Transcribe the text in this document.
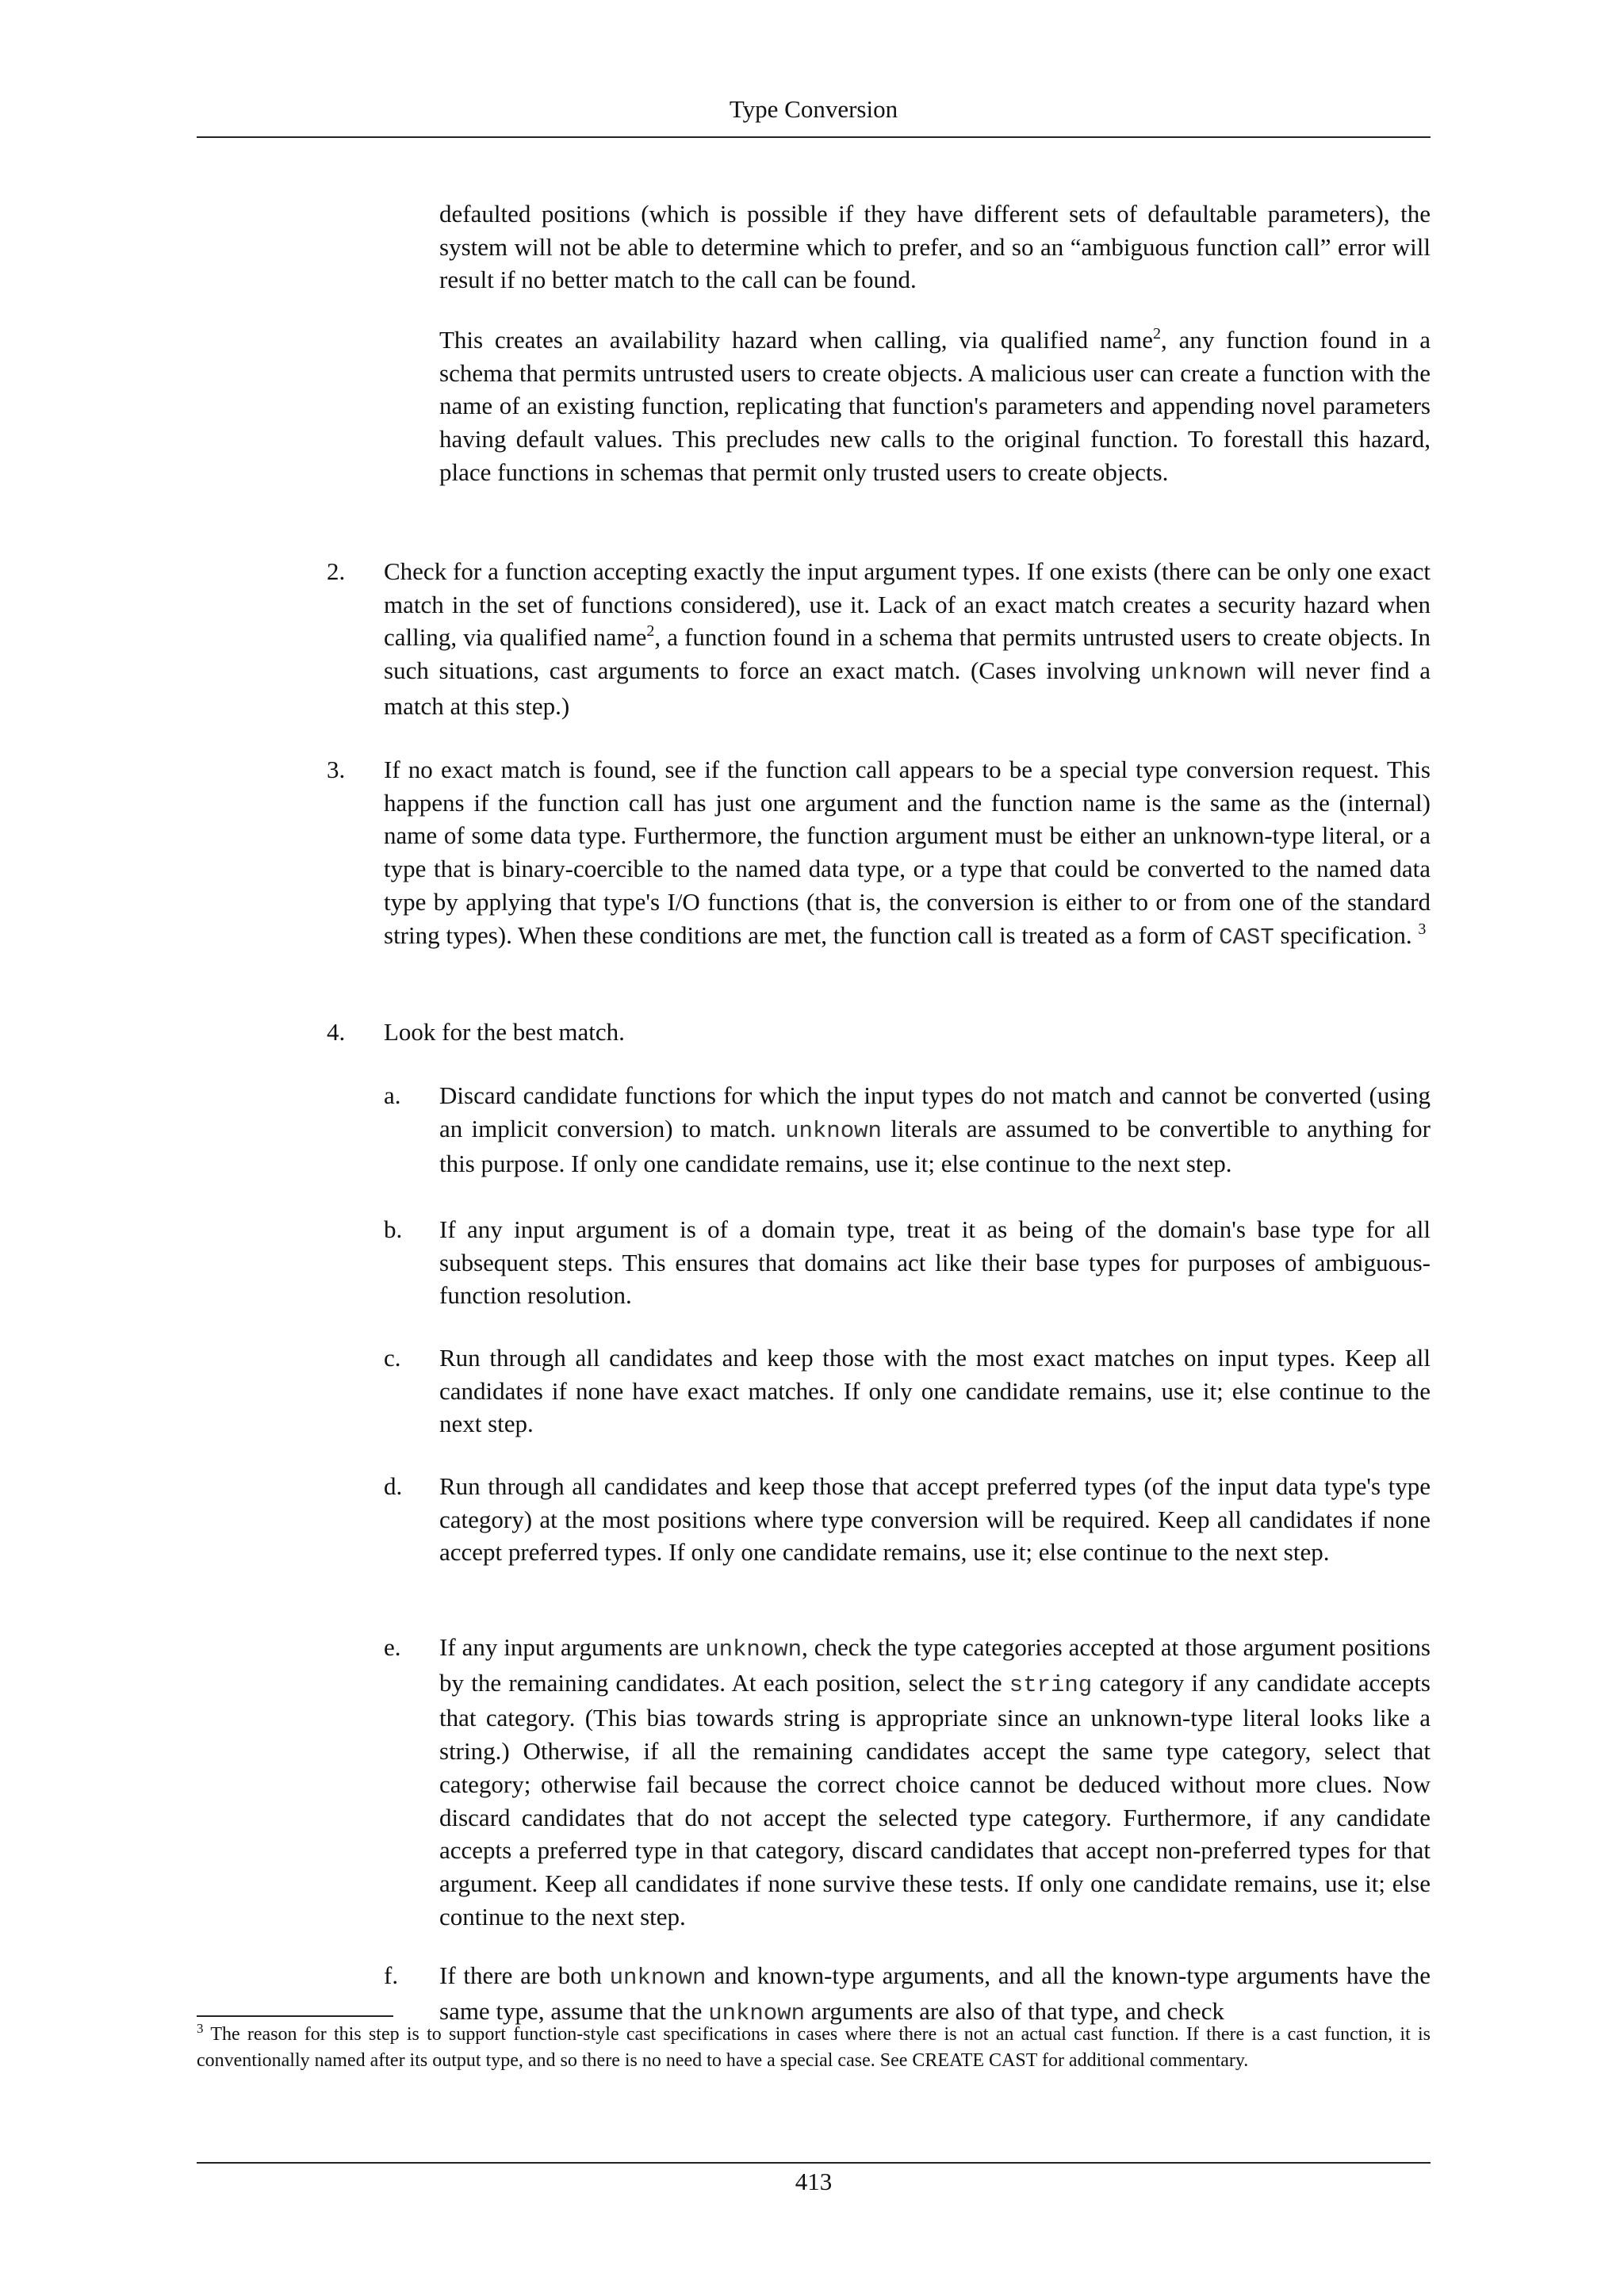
Type Conversion

defaulted positions (which is possible if they have different sets of defaultable parameters), the system will not be able to determine which to prefer, and so an “ambiguous function call” error will result if no better match to the call can be found.

This creates an availability hazard when calling, via qualified name$^2$, any function found in a schema that permits untrusted users to create objects. A malicious user can create a function with the name of an existing function, replicating that function's parameters and appending novel parameters having default values. This precludes new calls to the original function. To forestall this hazard, place functions in schemas that permit only trusted users to create objects.

2.	Check for a function accepting exactly the input argument types. If one exists (there can be only one exact match in the set of functions considered), use it. Lack of an exact match creates a security hazard when calling, via qualified name$^2$, a function found in a schema that permits untrusted users to create objects. In such situations, cast arguments to force an exact match. (Cases involving unknown will never find a match at this step.)

3.	If no exact match is found, see if the function call appears to be a special type conversion request. This happens if the function call has just one argument and the function name is the same as the (internal) name of some data type. Furthermore, the function argument must be either an unknown-type literal, or a type that is binary-coercible to the named data type, or a type that could be converted to the named data type by applying that type's I/O functions (that is, the conversion is either to or from one of the standard string types). When these conditions are met, the function call is treated as a form of CAST specification. $^3$

4.	Look for the best match.

a.	Discard candidate functions for which the input types do not match and cannot be converted (using an implicit conversion) to match. unknown literals are assumed to be convertible to anything for this purpose. If only one candidate remains, use it; else continue to the next step.

b.	If any input argument is of a domain type, treat it as being of the domain's base type for all subsequent steps. This ensures that domains act like their base types for purposes of ambiguous-function resolution.

c.	Run through all candidates and keep those with the most exact matches on input types. Keep all candidates if none have exact matches. If only one candidate remains, use it; else continue to the next step.

d.	Run through all candidates and keep those that accept preferred types (of the input data type's type category) at the most positions where type conversion will be required. Keep all candidates if none accept preferred types. If only one candidate remains, use it; else continue to the next step.

e.	If any input arguments are unknown, check the type categories accepted at those argument positions by the remaining candidates. At each position, select the string category if any candidate accepts that category. (This bias towards string is appropriate since an unknown-type literal looks like a string.) Otherwise, if all the remaining candidates accept the same type category, select that category; otherwise fail because the correct choice cannot be deduced without more clues. Now discard candidates that do not accept the selected type category. Furthermore, if any candidate accepts a preferred type in that category, discard candidates that accept non-preferred types for that argument. Keep all candidates if none survive these tests. If only one candidate remains, use it; else continue to the next step.

f.	If there are both unknown and known-type arguments, and all the known-type arguments have the same type, assume that the unknown arguments are also of that type, and check

$^3$ The reason for this step is to support function-style cast specifications in cases where there is not an actual cast function. If there is a cast function, it is conventionally named after its output type, and so there is no need to have a special case. See CREATE CAST for additional commentary.

413
